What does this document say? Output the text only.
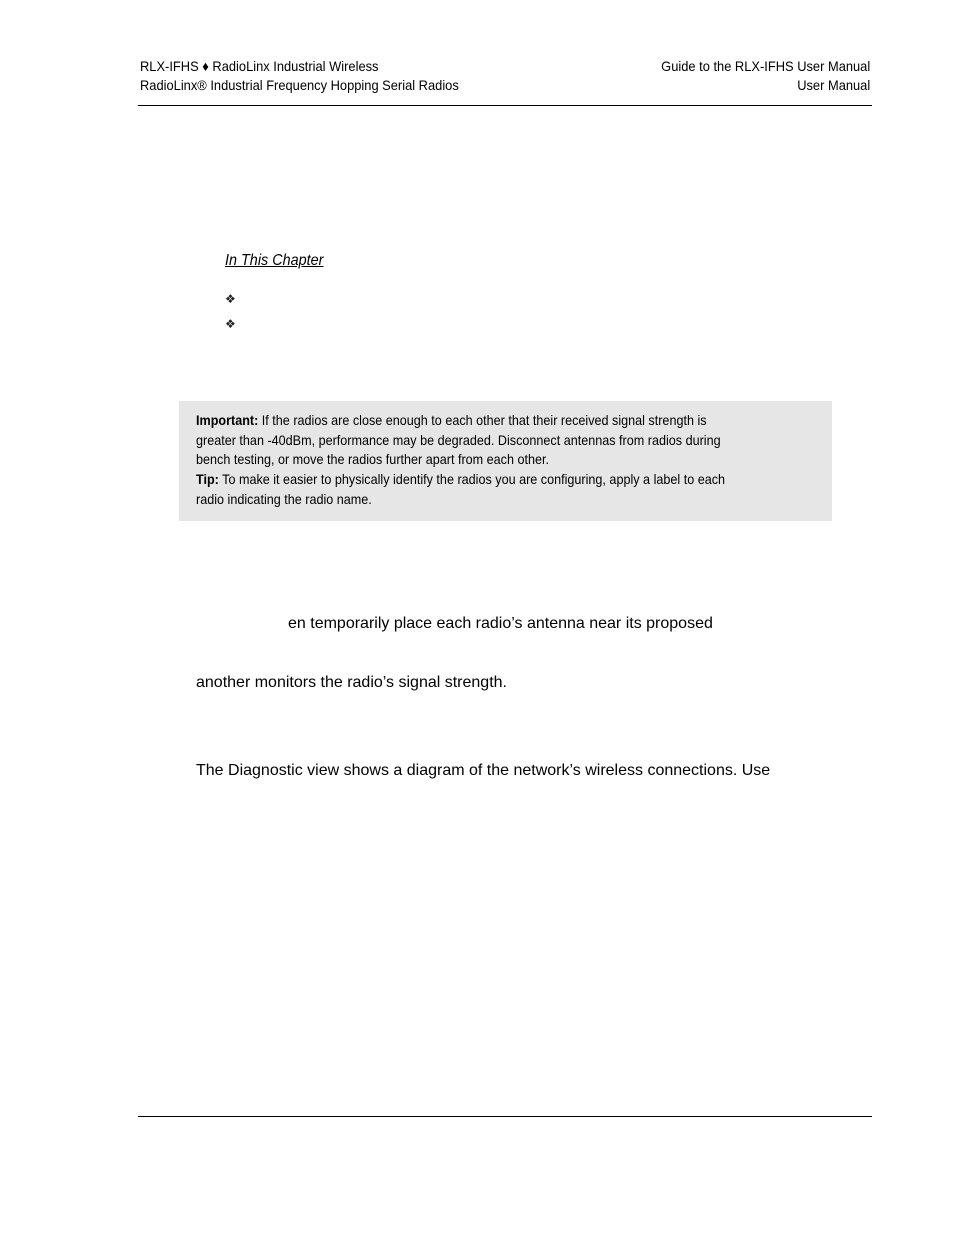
RLX-IFHS ♦ RadioLinx Industrial Wireless
RadioLinx® Industrial Frequency Hopping Serial Radios
Guide to the RLX-IFHS User Manual
User Manual
In This Chapter
❖
❖
Important: If the radios are close enough to each other that their received signal strength is
greater than -40dBm, performance may be degraded. Disconnect antennas from radios during
bench testing, or move the radios further apart from each other.
Tip: To make it easier to physically identify the radios you are configuring, apply a label to each
radio indicating the radio name.
en temporarily place each radio’s antenna near its proposed
another monitors the radio’s signal strength.
The Diagnostic view shows a diagram of the network’s wireless connections. Use
